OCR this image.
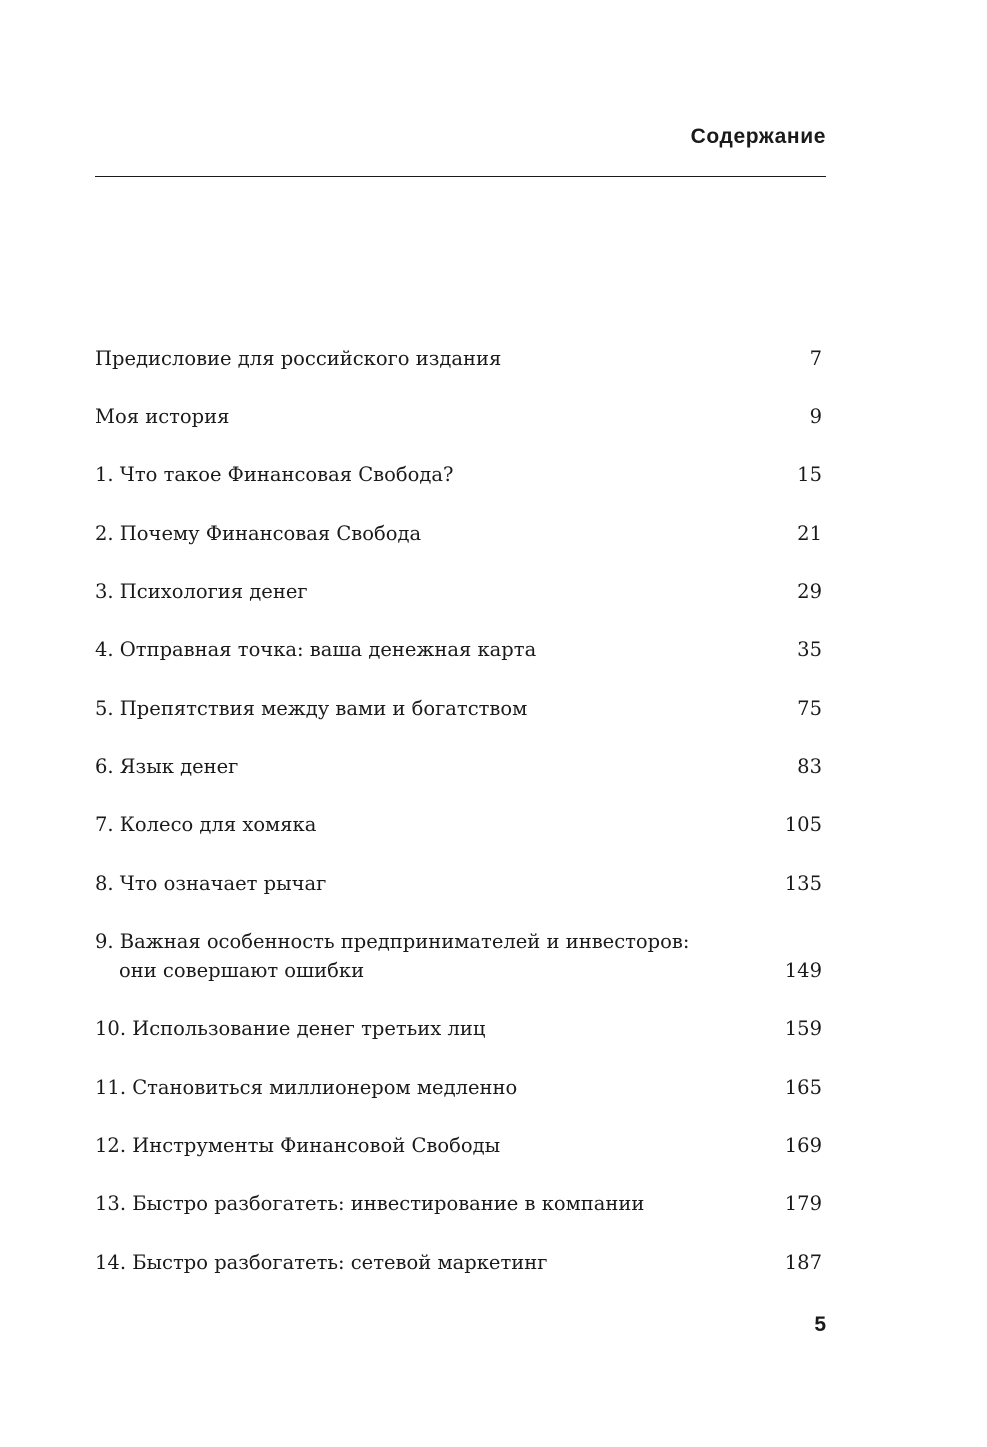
Содержание
Предисловие для российского издания	7
Моя история	9
1. Что такое Финансовая Свобода?	15
2. Почему Финансовая Свобода	21
3. Психология денег	29
4. Отправная точка: ваша денежная карта	35
5. Препятствия между вами и богатством	75
6. Язык денег	83
7. Колесо для хомяка	105
8. Что означает рычаг	135
9. Важная особенность предпринимателей и инвесторов:
они совершают ошибки	149
10. Использование денег третьих лиц	159
11. Становиться миллионером медленно	165
12. Инструменты Финансовой Свободы	169
13. Быстро разбогатеть: инвестирование в компании	179
14. Быстро разбогатеть: сетевой маркетинг	187
5
